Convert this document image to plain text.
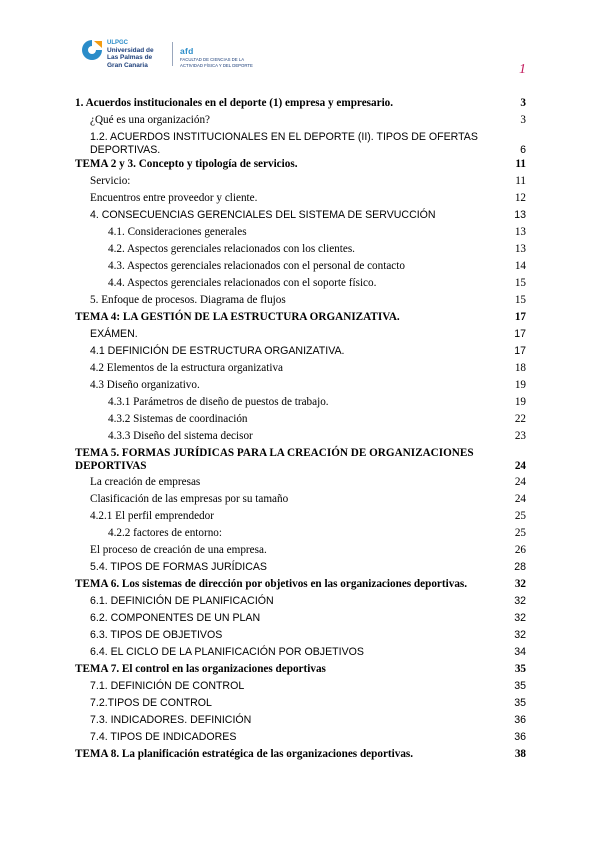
ULPGC
Universidad de
Las Palmas de
Gran Canaria
afd
FACULTAD DE CIENCIAS DE LA
ACTIVIDAD FÍSICA Y DEL DEPORTE	1
1. Acuerdos institucionales en el deporte (1) empresa y empresario.	3
¿Qué es una organización?	3
1.2. ACUERDOS INSTITUCIONALES EN EL DEPORTE (II). TIPOS DE OFERTAS DEPORTIVAS.	6
TEMA 2 y 3. Concepto y tipología de servicios.	11
Servicio:	11
Encuentros entre proveedor y cliente.	12
4. CONSECUENCIAS GERENCIALES DEL SISTEMA DE SERVUCCIÓN	13
4.1. Consideraciones generales	13
4.2. Aspectos gerenciales relacionados con los clientes.	13
4.3. Aspectos gerenciales relacionados con el personal de contacto	14
4.4. Aspectos gerenciales relacionados con el soporte físico.	15
5. Enfoque de procesos. Diagrama de flujos	15
TEMA 4: LA GESTIÓN DE LA ESTRUCTURA ORGANIZATIVA.	17
EXÁMEN.	17
4.1 DEFINICIÓN DE ESTRUCTURA ORGANIZATIVA.	17
4.2 Elementos de la estructura organizativa	18
4.3 Diseño organizativo.	19
4.3.1 Parámetros de diseño de puestos de trabajo.	19
4.3.2 Sistemas de coordinación	22
4.3.3 Diseño del sistema decisor	23
TEMA 5. FORMAS JURÍDICAS PARA LA CREACIÓN DE ORGANIZACIONES DEPORTIVAS	24
La creación de empresas	24
Clasificación de las empresas por su tamaño	24
4.2.1 El perfil emprendedor	25
4.2.2 factores de entorno:	25
El proceso de creación de una empresa.	26
5.4. TIPOS DE FORMAS JURÍDICAS	28
TEMA 6. Los sistemas de dirección por objetivos en las organizaciones deportivas.	32
6.1. DEFINICIÓN DE PLANIFICACIÓN	32
6.2. COMPONENTES DE UN PLAN	32
6.3. TIPOS DE OBJETIVOS	32
6.4. EL CICLO DE LA PLANIFICACIÓN POR OBJETIVOS	34
TEMA 7. El control en las organizaciones deportivas	35
7.1. DEFINICIÓN DE CONTROL	35
7.2.TIPOS DE CONTROL	35
7.3. INDICADORES. DEFINICIÓN	36
7.4. TIPOS DE INDICADORES	36
TEMA 8. La planificación estratégica de las organizaciones deportivas.	38
